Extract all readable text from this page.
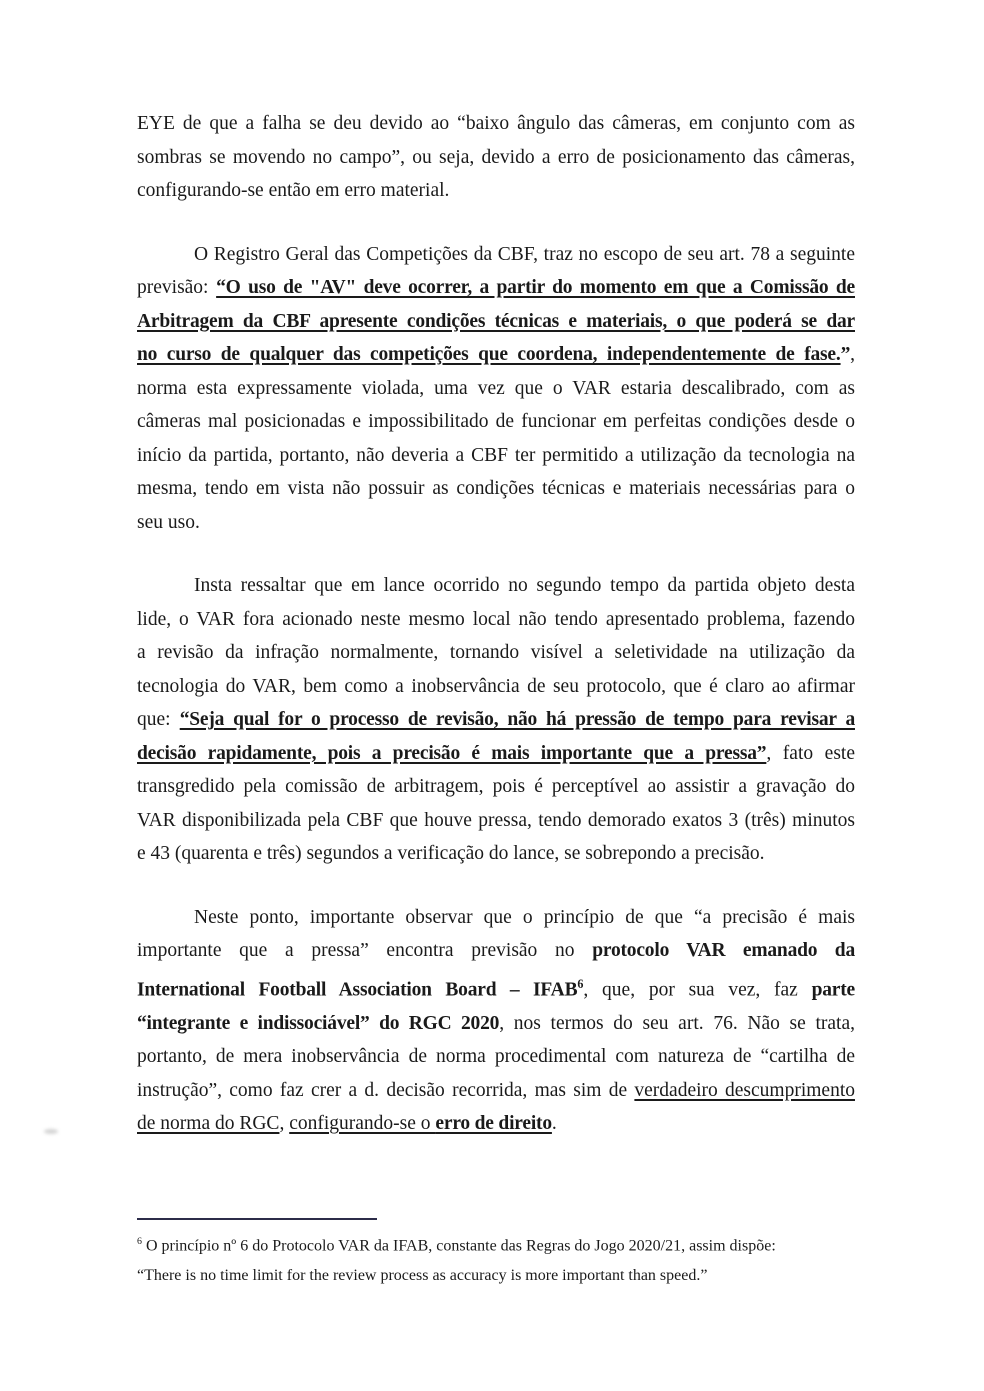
EYE de que a falha se deu devido ao “baixo ângulo das câmeras, em conjunto com as
sombras se movendo no campo”, ou seja, devido a erro de posicionamento das câmeras,
configurando-se então em erro material.
O Registro Geral das Competições da CBF, traz no escopo de seu art. 78 a seguinte
previsão: “O uso de "AV" deve ocorrer, a partir do momento em que a Comissão de
Arbitragem da CBF apresente condições técnicas e materiais, o que poderá se dar
no curso de qualquer das competições que coordena, independentemente de fase.”,
norma esta expressamente violada, uma vez que o VAR estaria descalibrado, com as
câmeras mal posicionadas e impossibilitado de funcionar em perfeitas condições desde o
início da partida, portanto, não deveria a CBF ter permitido a utilização da tecnologia na
mesma, tendo em vista não possuir as condições técnicas e materiais necessárias para o
seu uso.
Insta ressaltar que em lance ocorrido no segundo tempo da partida objeto desta
lide, o VAR fora acionado neste mesmo local não tendo apresentado problema, fazendo
a revisão da infração normalmente, tornando visível a seletividade na utilização da
tecnologia do VAR, bem como a inobservância de seu protocolo, que é claro ao afirmar
que: “Seja qual for o processo de revisão, não há pressão de tempo para revisar a
decisão rapidamente, pois a precisão é mais importante que a pressa”, fato este
transgredido pela comissão de arbitragem, pois é perceptível ao assistir a gravação do
VAR disponibilizada pela CBF que houve pressa, tendo demorado exatos 3 (três) minutos
e 43 (quarenta e três) segundos a verificação do lance, se sobrepondo a precisão.
Neste ponto, importante observar que o princípio de que “a precisão é mais
importante que a pressa” encontra previsão no protocolo VAR emanado da
International Football Association Board – IFAB$^6$, que, por sua vez, faz parte
“integrante e indissociável” do RGC 2020, nos termos do seu art. 76. Não se trata,
portanto, de mera inobservância de norma procedimental com natureza de “cartilha de
instrução”, como faz crer a d. decisão recorrida, mas sim de verdadeiro descumprimento
de norma do RGC, configurando-se o erro de direito.
$^6$ O princípio nº 6 do Protocolo VAR da IFAB, constante das Regras do Jogo 2020/21, assim dispõe:
“There is no time limit for the review process as accuracy is more important than speed.”
